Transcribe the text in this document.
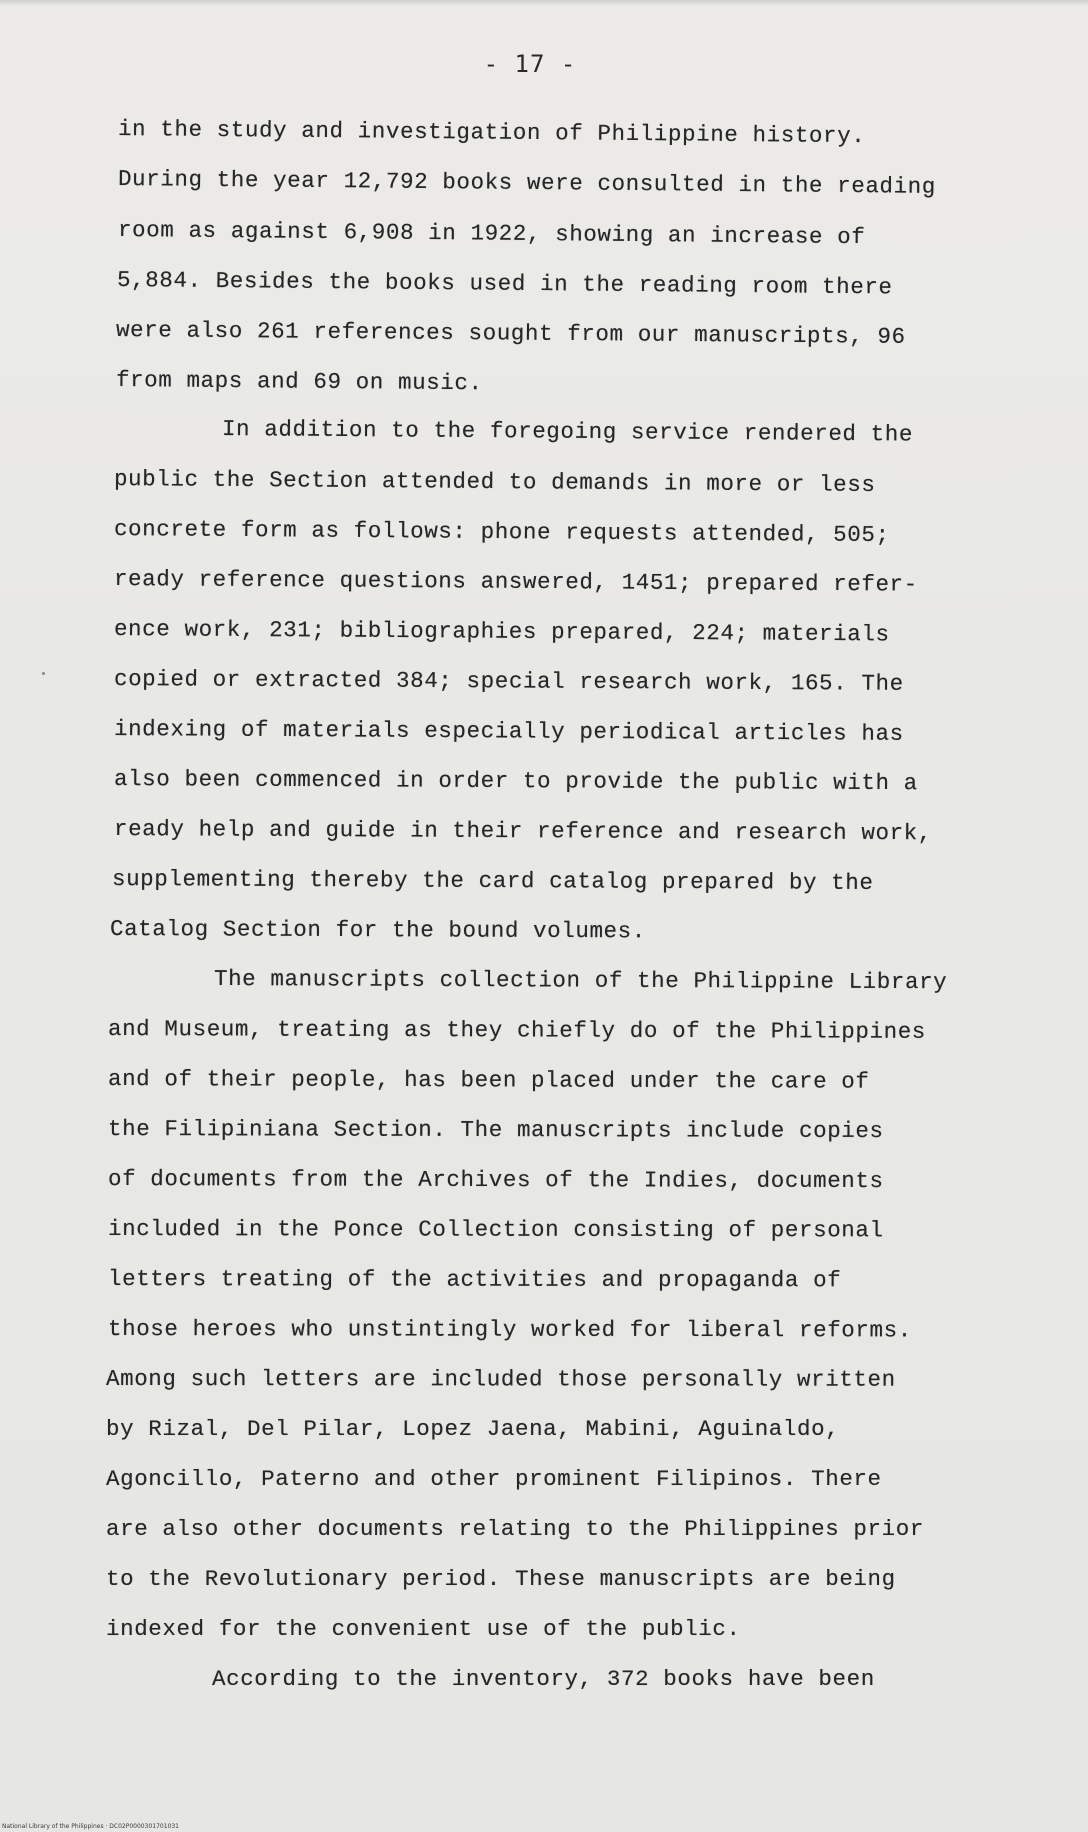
- 17 -
in the study and investigation of Philippine history.
During the year 12,792 books were consulted in the reading
room as against 6,908 in 1922, showing an increase of
5,884. Besides the books used in the reading room there
were also 261 references sought from our manuscripts, 96
from maps and 69 on music.
In addition to the foregoing service rendered the
public the Section attended to demands in more or less
concrete form as follows: phone requests attended, 505;
ready reference questions answered, 1451; prepared refer-
ence work, 231; bibliographies prepared, 224; materials
copied or extracted 384; special research work, 165. The
indexing of materials especially periodical articles has
also been commenced in order to provide the public with a
ready help and guide in their reference and research work,
supplementing thereby the card catalog prepared by the
Catalog Section for the bound volumes.
The manuscripts collection of the Philippine Library
and Museum, treating as they chiefly do of the Philippines
and of their people, has been placed under the care of
the Filipiniana Section. The manuscripts include copies
of documents from the Archives of the Indies, documents
included in the Ponce Collection consisting of personal
letters treating of the activities and propaganda of
those heroes who unstintingly worked for liberal reforms.
Among such letters are included those personally written
by Rizal, Del Pilar, Lopez Jaena, Mabini, Aguinaldo,
Agoncillo, Paterno and other prominent Filipinos. There
are also other documents relating to the Philippines prior
to the Revolutionary period. These manuscripts are being
indexed for the convenient use of the public.
According to the inventory, 372 books have been
National Library of the Philippines · DC02P0000301701031
